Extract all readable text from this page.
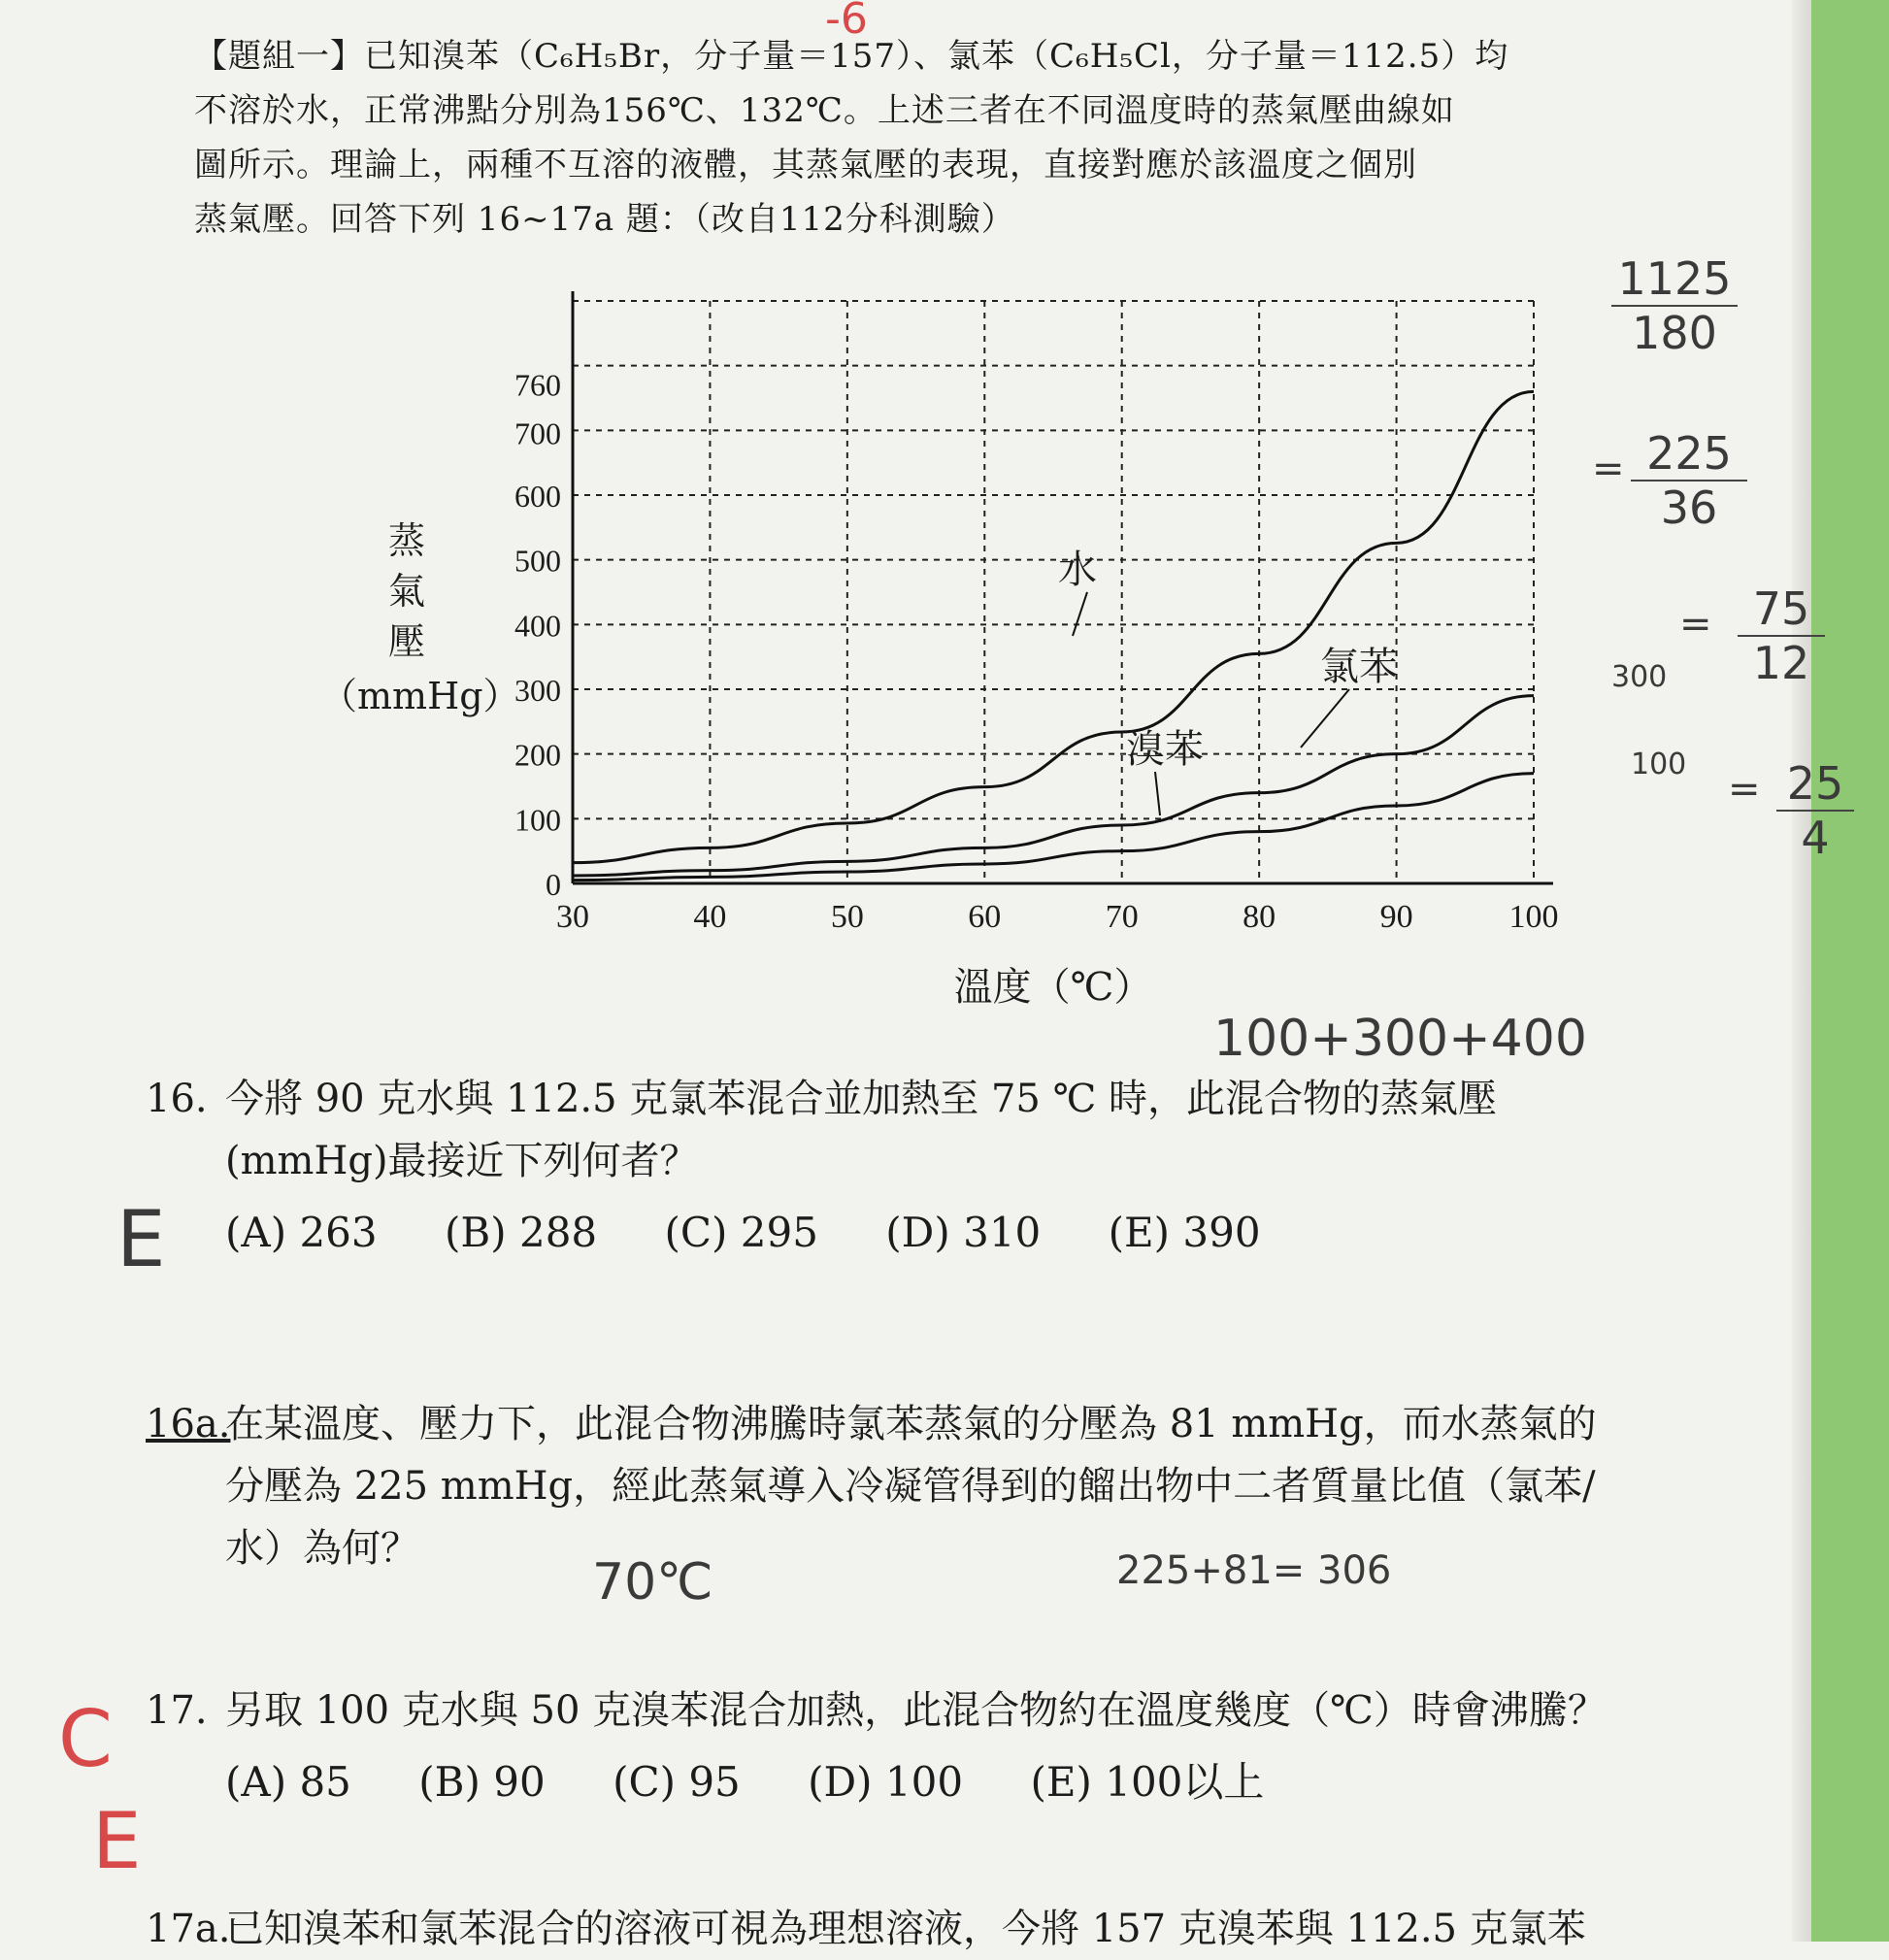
-6
【題組一】已知溴苯（C₆H₅Br，分子量＝157）、氯苯（C₆H₅Cl，分子量＝112.5）均
不溶於水，正常沸點分別為156℃、132℃。上述三者在不同溫度時的蒸氣壓曲線如
圖所示。理論上，兩種不互溶的液體，其蒸氣壓的表現，直接對應於該溫度之個別
蒸氣壓。回答下列 16~17a 題：（改自112分科測驗）
30	40	50	60	70	80	90	100
0
100
200
300
400
500
600
700
760
蒸氣壓（mmHg）
溫度（℃）
水
氯苯
溴苯
$\frac{1125}{180}$
= $\frac{225}{36}$
= $\frac{75}{12}$
300
100
= $\frac{25}{4}$
100+300+400
16. 今將 90 克水與 112.5 克氯苯混合並加熱至 75 ℃ 時，此混合物的蒸氣壓
(mmHg)最接近下列何者？
(A) 263 (B) 288 (C) 295 (D) 310 (E) 390
E
16a.在某溫度、壓力下，此混合物沸騰時氯苯蒸氣的分壓為 81 mmHg，而水蒸氣的
分壓為 225 mmHg，經此蒸氣導入冷凝管得到的餾出物中二者質量比值（氯苯/
水）為何？
70℃	225+81= 306
17. 另取 100 克水與 50 克溴苯混合加熱，此混合物約在溫度幾度（℃）時會沸騰？
(A) 85 (B) 90 (C) 95 (D) 100 (E) 100以上
C
E
17a.已知溴苯和氯苯混合的溶液可視為理想溶液，今將 157 克溴苯與 112.5 克氯苯
